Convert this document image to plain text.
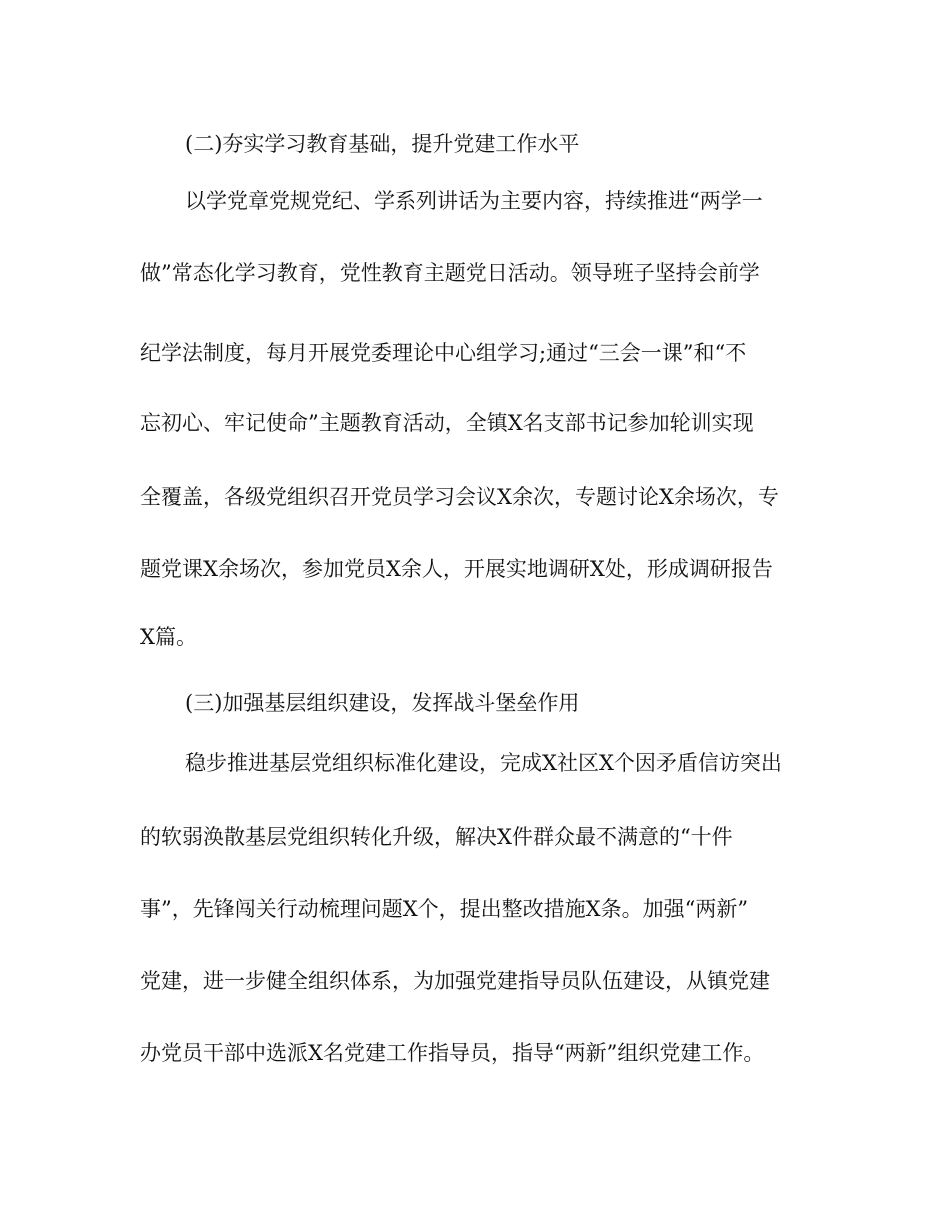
(二)夯实学习教育基础，提升党建工作水平
以学党章党规党纪、学系列讲话为主要内容，持续推进“两学一
做”常态化学习教育，党性教育主题党日活动。领导班子坚持会前学
纪学法制度，每月开展党委理论中心组学习;通过“三会一课”和“不
忘初心、牢记使命”主题教育活动，全镇X名支部书记参加轮训实现
全覆盖，各级党组织召开党员学习会议X余次，专题讨论X余场次，专
题党课X余场次，参加党员X余人，开展实地调研X处，形成调研报告
X篇。
(三)加强基层组织建设，发挥战斗堡垒作用
稳步推进基层党组织标准化建设，完成X社区X个因矛盾信访突出
的软弱涣散基层党组织转化升级，解决X件群众最不满意的“十件
事”，先锋闯关行动梳理问题X个，提出整改措施X条。加强“两新”
党建，进一步健全组织体系，为加强党建指导员队伍建设，从镇党建
办党员干部中选派X名党建工作指导员，指导“两新”组织党建工作。
